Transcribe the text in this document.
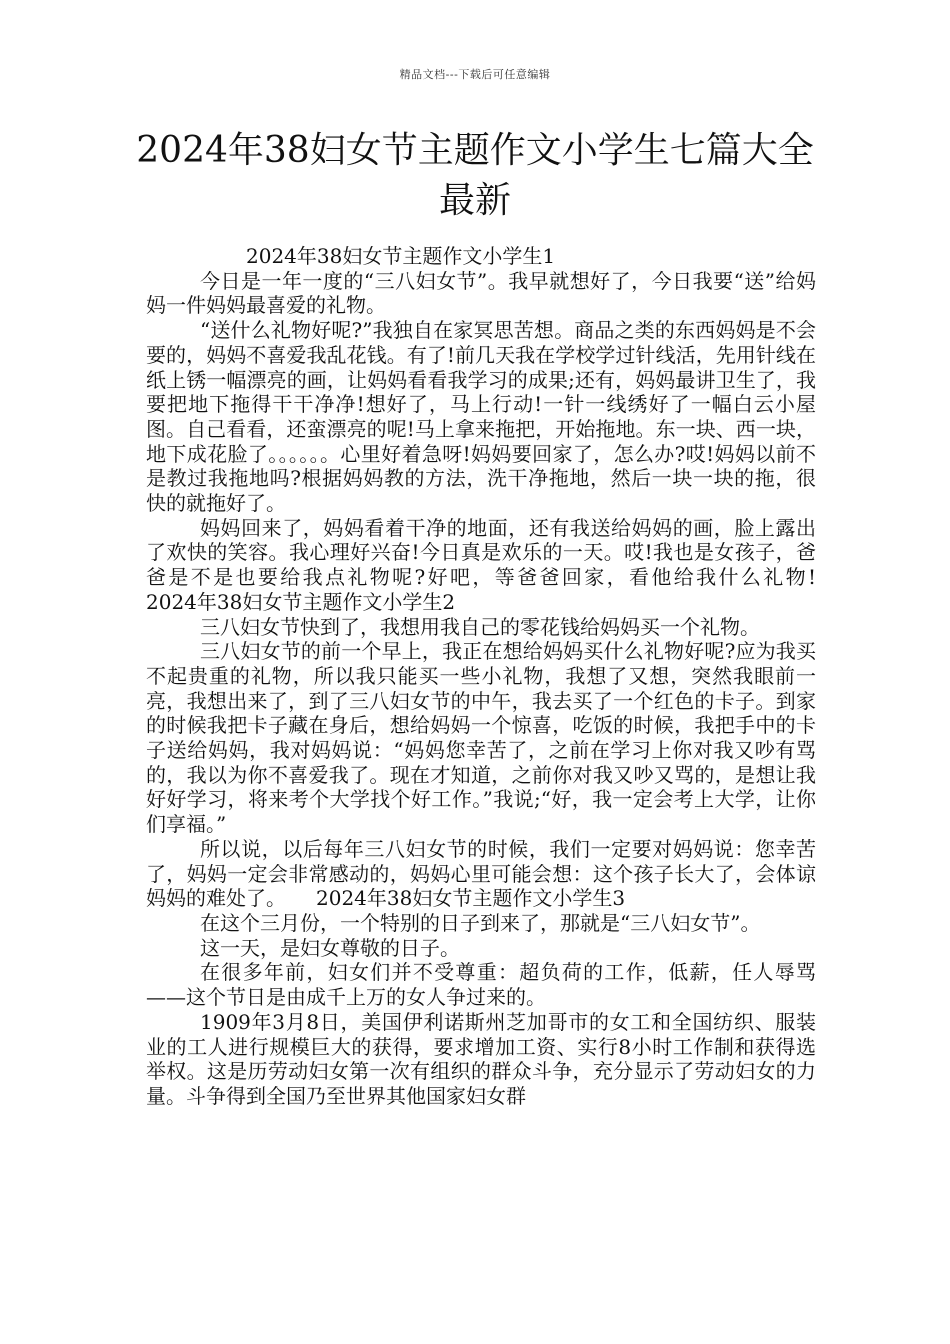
精品文档---下载后可任意编辑
2024年38妇女节主题作文小学生七篇大全最新

2024年38妇女节主题作文小学生1

今日是一年一度的“三八妇女节”。我早就想好了，今日我要“送”给妈妈一件妈妈最喜爱的礼物。

“送什么礼物好呢?”我独自在家冥思苦想。商品之类的东西妈妈是不会要的，妈妈不喜爱我乱花钱。有了!前几天我在学校学过针线活，先用针线在纸上锈一幅漂亮的画，让妈妈看看我学习的成果;还有，妈妈最讲卫生了，我要把地下拖得干干净净!想好了，马上行动!一针一线绣好了一幅白云小屋图。自己看看，还蛮漂亮的呢!马上拿来拖把，开始拖地。东一块、西一块，地下成花脸了。。。。。。心里好着急呀!妈妈要回家了，怎么办?哎!妈妈以前不是教过我拖地吗?根据妈妈教的方法，洗干净拖地，然后一块一块的拖，很快的就拖好了。

妈妈回来了，妈妈看着干净的地面，还有我送给妈妈的画，脸上露出了欢快的笑容。我心理好兴奋!今日真是欢乐的一天。哎!我也是女孩子，爸爸是不是也要给我点礼物呢?好吧，等爸爸回家，看他给我什么礼物!　　2024年38妇女节主题作文小学生2

三八妇女节快到了，我想用我自己的零花钱给妈妈买一个礼物。

三八妇女节的前一个早上，我正在想给妈妈买什么礼物好呢?应为我买不起贵重的礼物，所以我只能买一些小礼物，我想了又想，突然我眼前一亮，我想出来了，到了三八妇女节的中午，我去买了一个红色的卡子。到家的时候我把卡子藏在身后，想给妈妈一个惊喜，吃饭的时候，我把手中的卡子送给妈妈，我对妈妈说：“妈妈您幸苦了，之前在学习上你对我又吵有骂的，我以为你不喜爱我了。现在才知道，之前你对我又吵又骂的，是想让我好好学习，将来考个大学找个好工作。”我说;“好，我一定会考上大学，让你们享福。”

所以说，以后每年三八妇女节的时候，我们一定要对妈妈说：您幸苦了，妈妈一定会非常感动的，妈妈心里可能会想：这个孩子长大了，会体谅妈妈的难处了。　　2024年38妇女节主题作文小学生3

在这个三月份，一个特别的日子到来了，那就是“三八妇女节”。

这一天，是妇女尊敬的日子。

在很多年前，妇女们并不受尊重：超负荷的工作，低薪，任人辱骂——这个节日是由成千上万的女人争过来的。

1909年3月8日，美国伊利诺斯州芝加哥市的女工和全国纺织、服装业的工人进行规模巨大的获得，要求增加工资、实行8小时工作制和获得选举权。这是历劳动妇女第一次有组织的群众斗争，充分显示了劳动妇女的力量。斗争得到全国乃至世界其他国家妇女群
